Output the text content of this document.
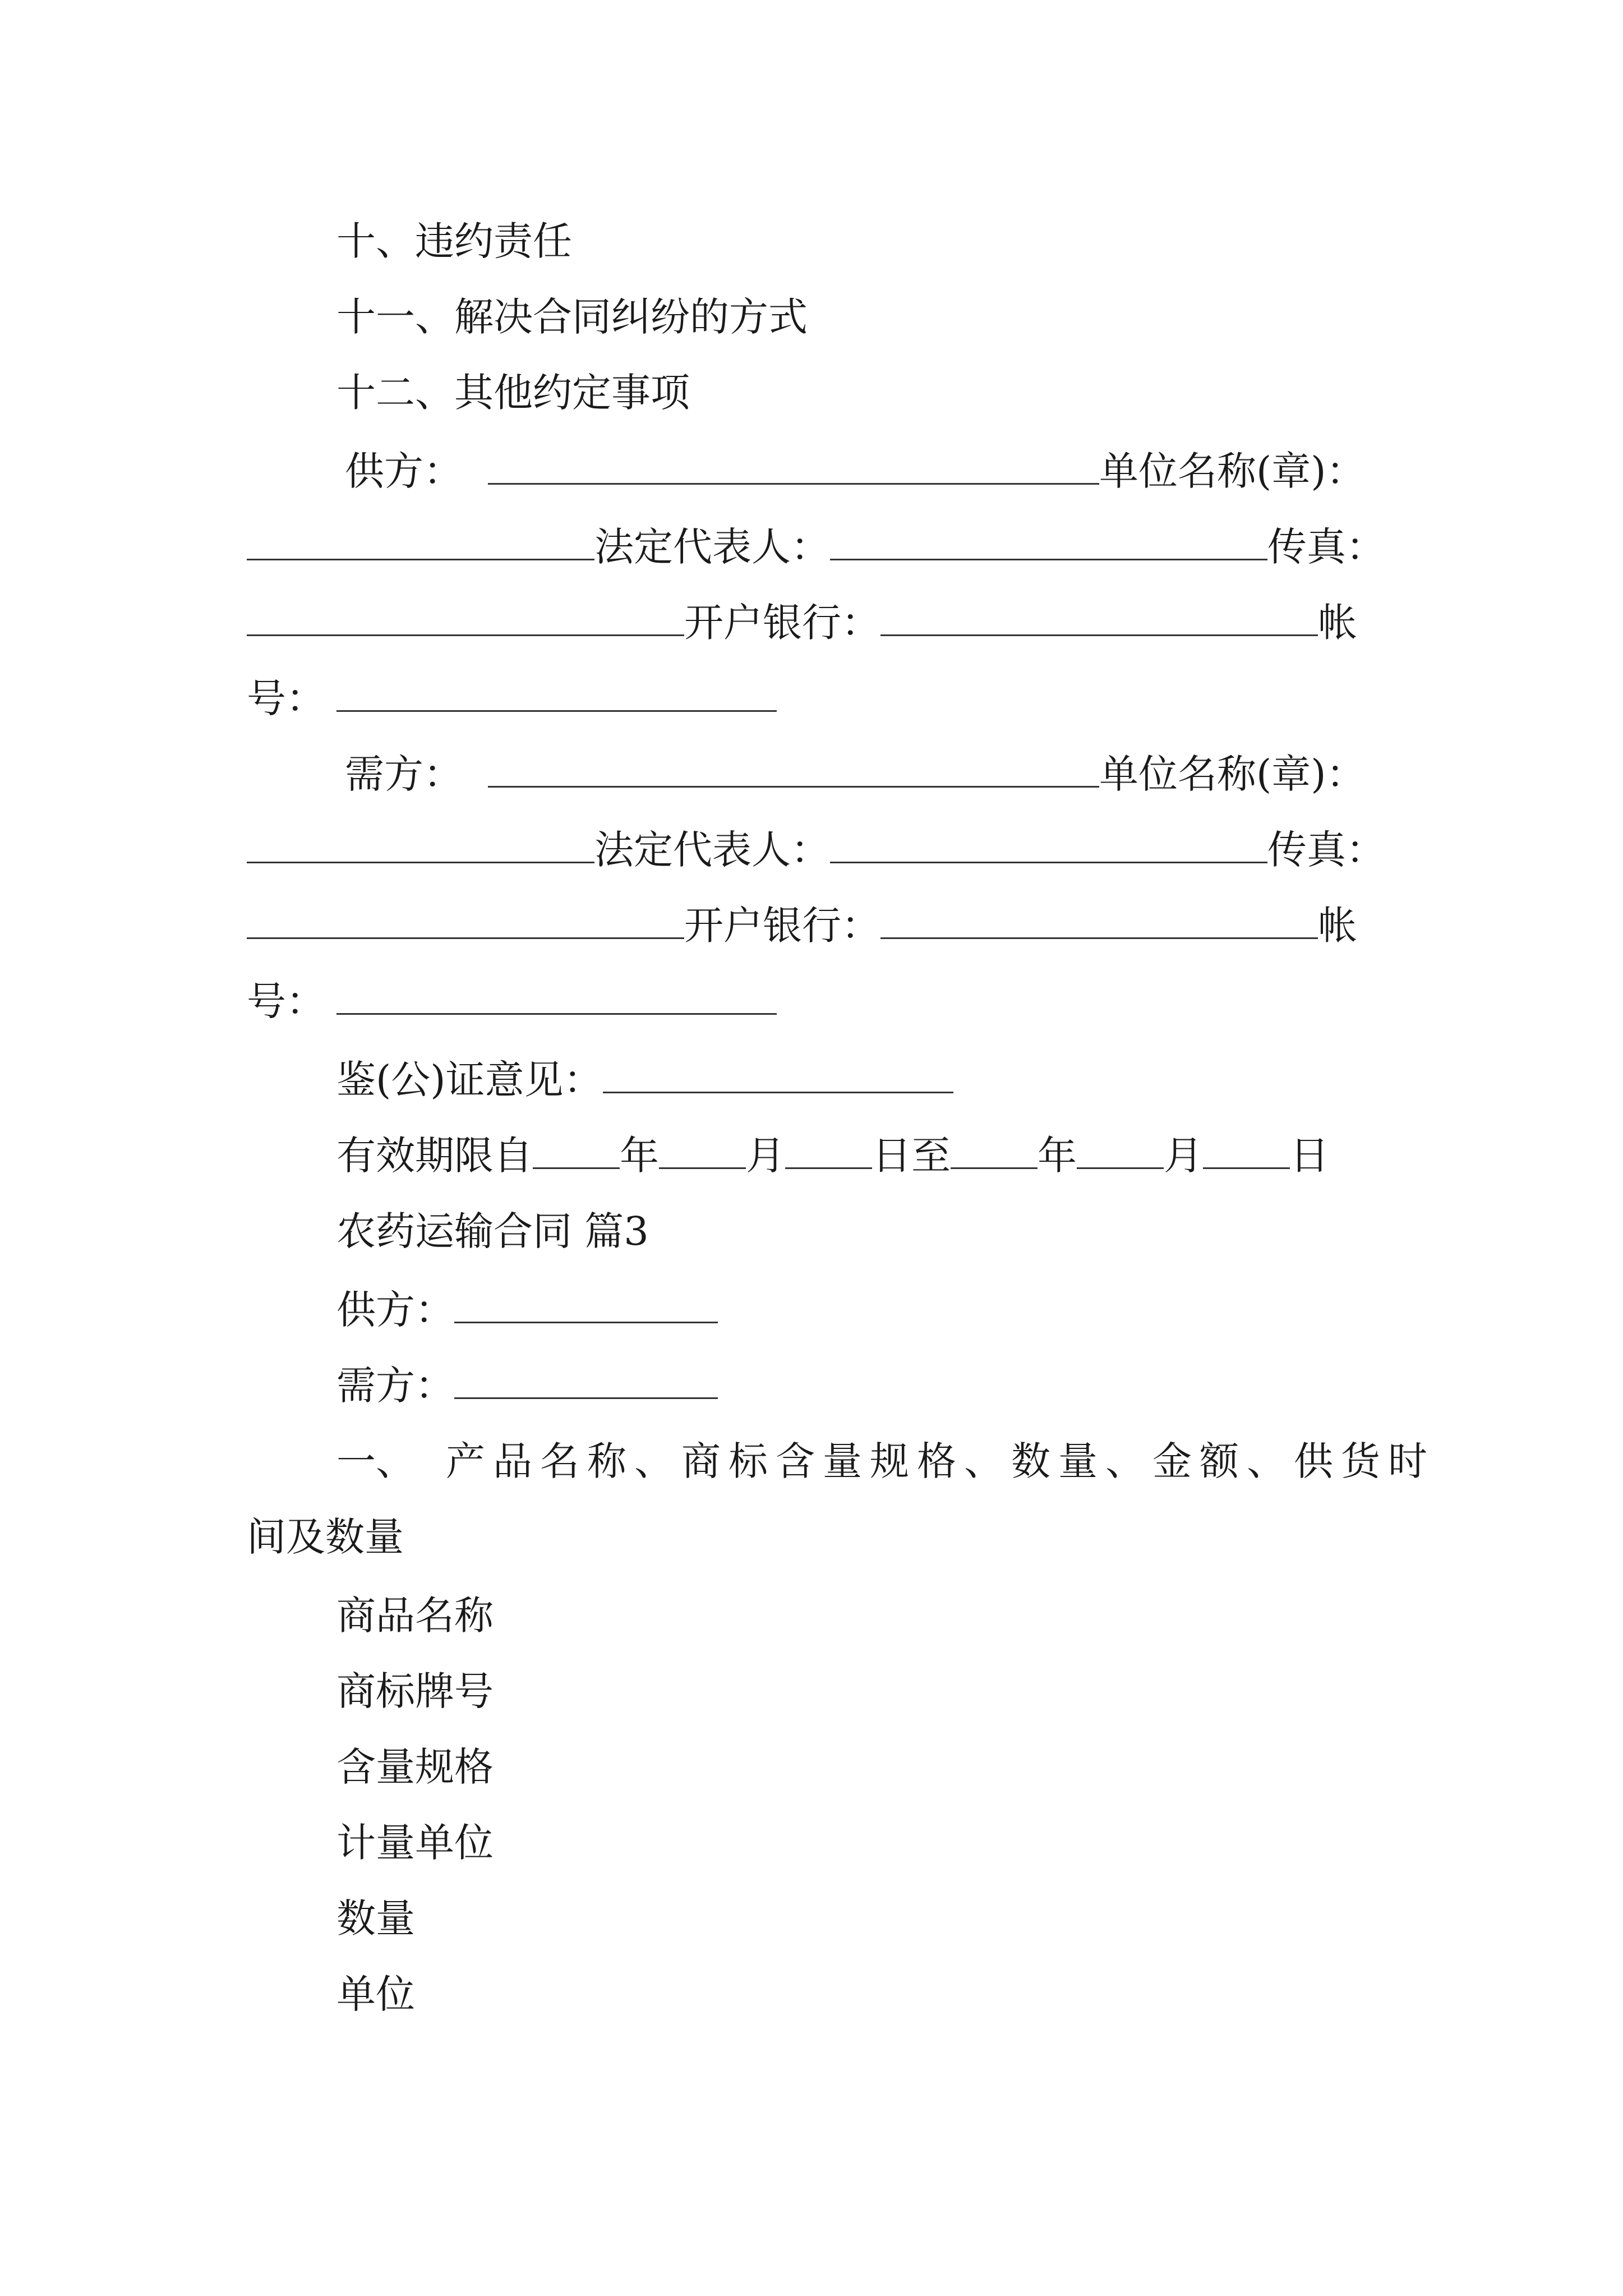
十、违约责任
十一、解决合同纠纷的方式
十二、其他约定事项
供方：	单位名称(章)：
法定代表人：	传真：
开户银行：	帐
号：
需方：	单位名称(章)：
法定代表人：	传真：
开户银行：	帐
号：
鉴(公)证意见：
有效期限自 年 月 日至 年 月 日
农药运输合同 篇3
供方：
需方：
一、 产品名称、商标含量规格、数量、金额、供货时
间及数量
商品名称
商标牌号
含量规格
计量单位
数量
单位
